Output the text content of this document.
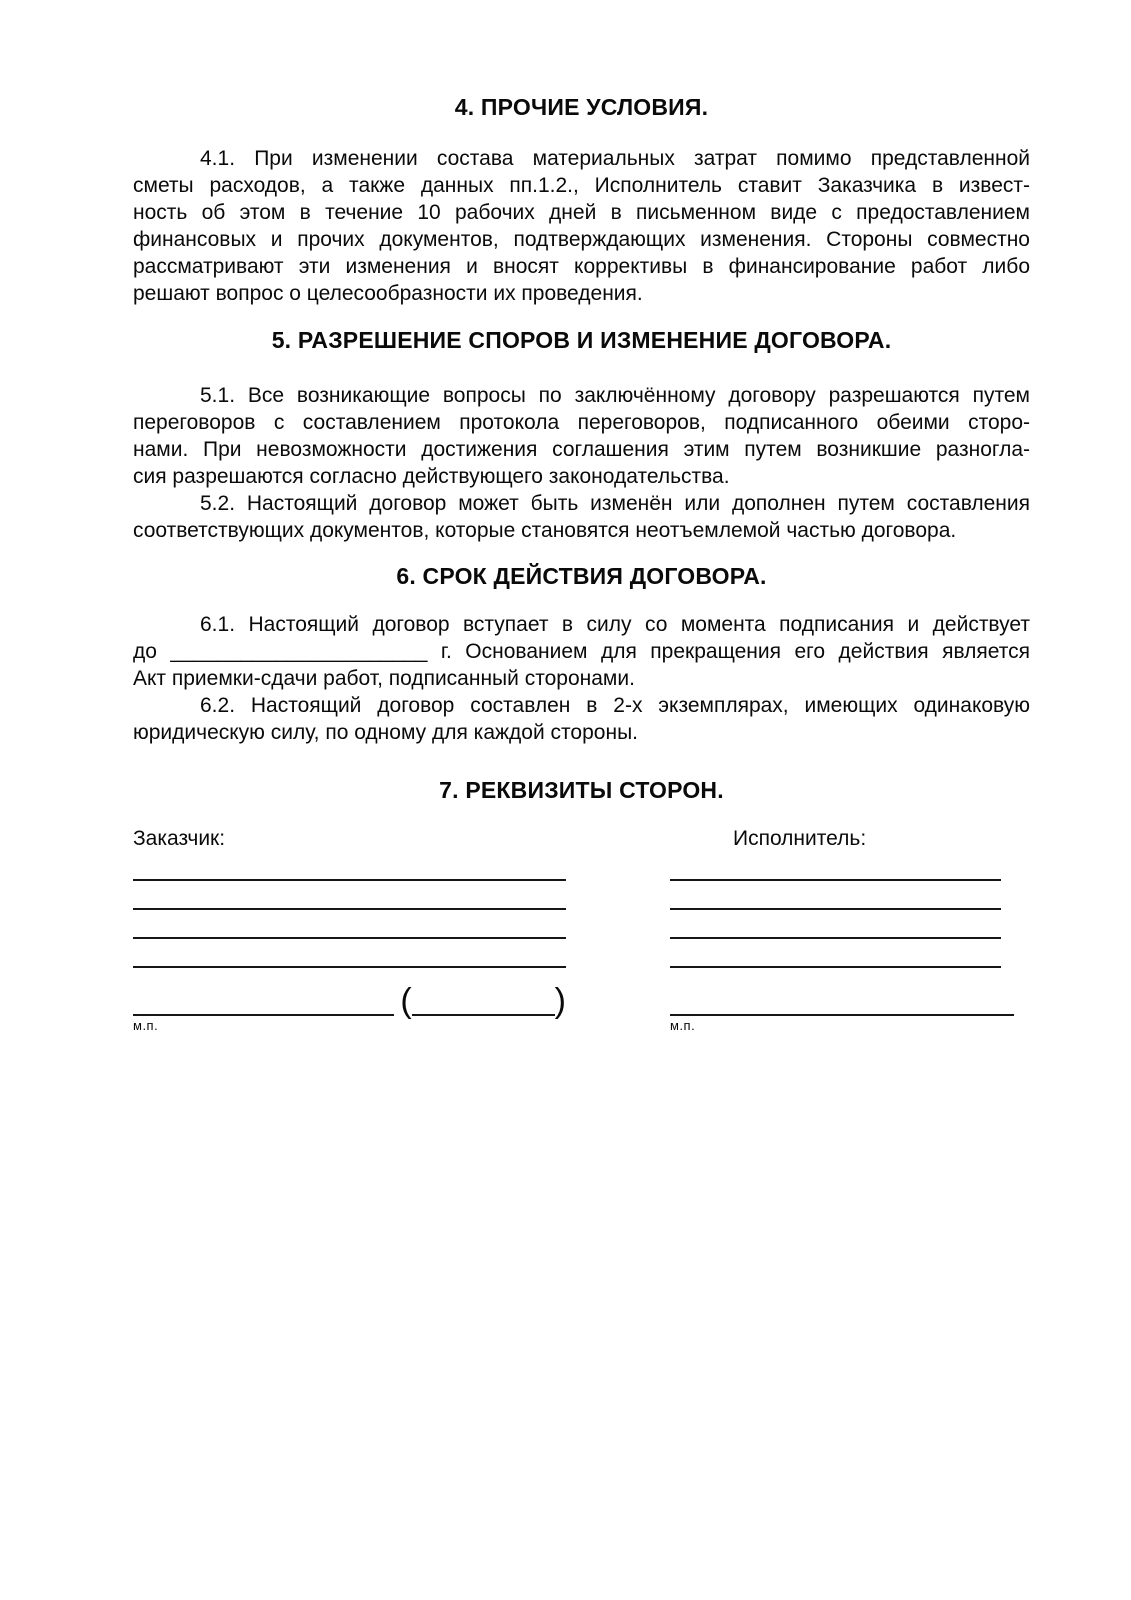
4. ПРОЧИЕ УСЛОВИЯ.
4.1. При изменении состава материальных затрат помимо представленной
сметы расходов, а также данных пп.1.2., Исполнитель ставит Заказчика в извест-
ность об этом в течение 10 рабочих дней в письменном виде с предоставлением
финансовых и прочих документов, подтверждающих изменения. Стороны совместно
рассматривают эти изменения и вносят коррективы в финансирование работ либо
решают вопрос о целесообразности их проведения.
5. РАЗРЕШЕНИЕ СПОРОВ И ИЗМЕНЕНИЕ ДОГОВОРА.
5.1. Все возникающие вопросы по заключённому договору разрешаются путем
переговоров с составлением протокола переговоров, подписанного обеими сторо-
нами. При невозможности достижения соглашения этим путем возникшие разногла-
сия разрешаются согласно действующего законодательства.
5.2. Настоящий договор может быть изменён или дополнен путем составления
соответствующих документов, которые становятся неотъемлемой частью договора.
6. СРОК ДЕЙСТВИЯ ДОГОВОРА.
6.1. Настоящий договор вступает в силу со момента подписания и действует
до ______________________ г. Основанием для прекращения его действия является
Акт приемки-сдачи работ, подписанный сторонами.
6.2. Настоящий договор составлен в 2-х экземплярах, имеющих одинаковую
юридическую силу, по одному для каждой стороны.
7. РЕКВИЗИТЫ СТОРОН.
Заказчик:
(	)
м.п.
Исполнитель:
м.п.
